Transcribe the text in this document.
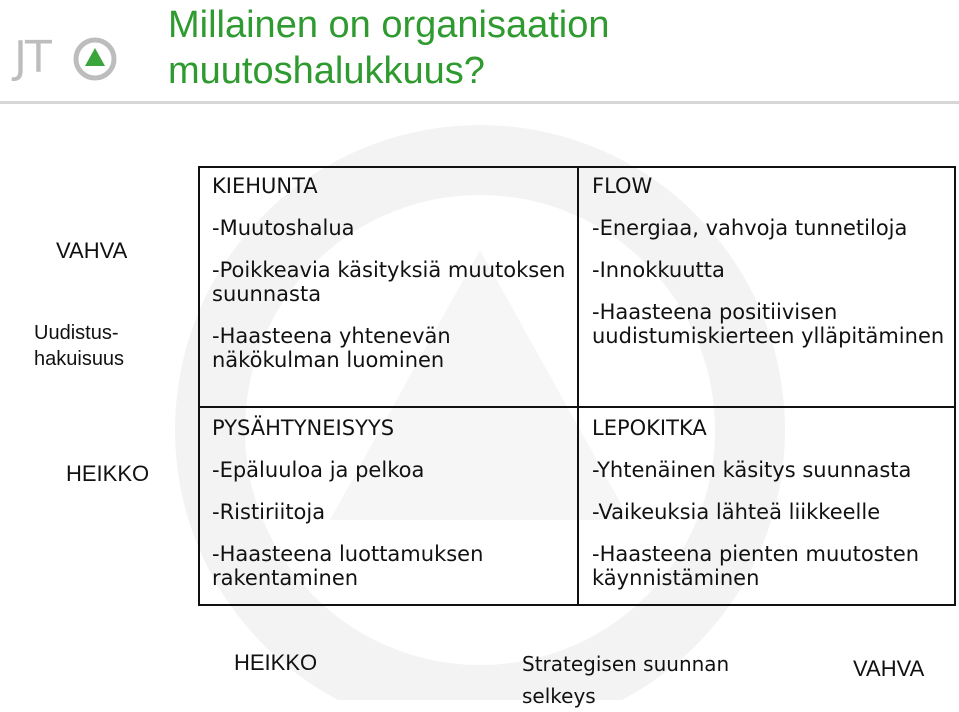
JT
Millainen on organisaation
muutoshalukkuus?
VAHVA
Uudistus-
hakuisuus
HEIKKO
KIEHUNTA
-Muutoshalua
-Poikkeavia käsityksiä muutoksen suunnasta
-Haasteena yhtenevän näkökulman luominen
FLOW
-Energiaa, vahvoja tunnetiloja
-Innokkuutta
-Haasteena positiivisen uudistumiskierteen ylläpitäminen
PYSÄHTYNEISYYS
-Epäluuloa ja pelkoa
-Ristiriitoja
-Haasteena luottamuksen rakentaminen
LEPOKITKA
-Yhtenäinen käsitys suunnasta
-Vaikeuksia lähteä liikkeelle
-Haasteena pienten muutosten käynnistäminen
HEIKKO	Strategisen suunnan
selkeys
VAHVA
